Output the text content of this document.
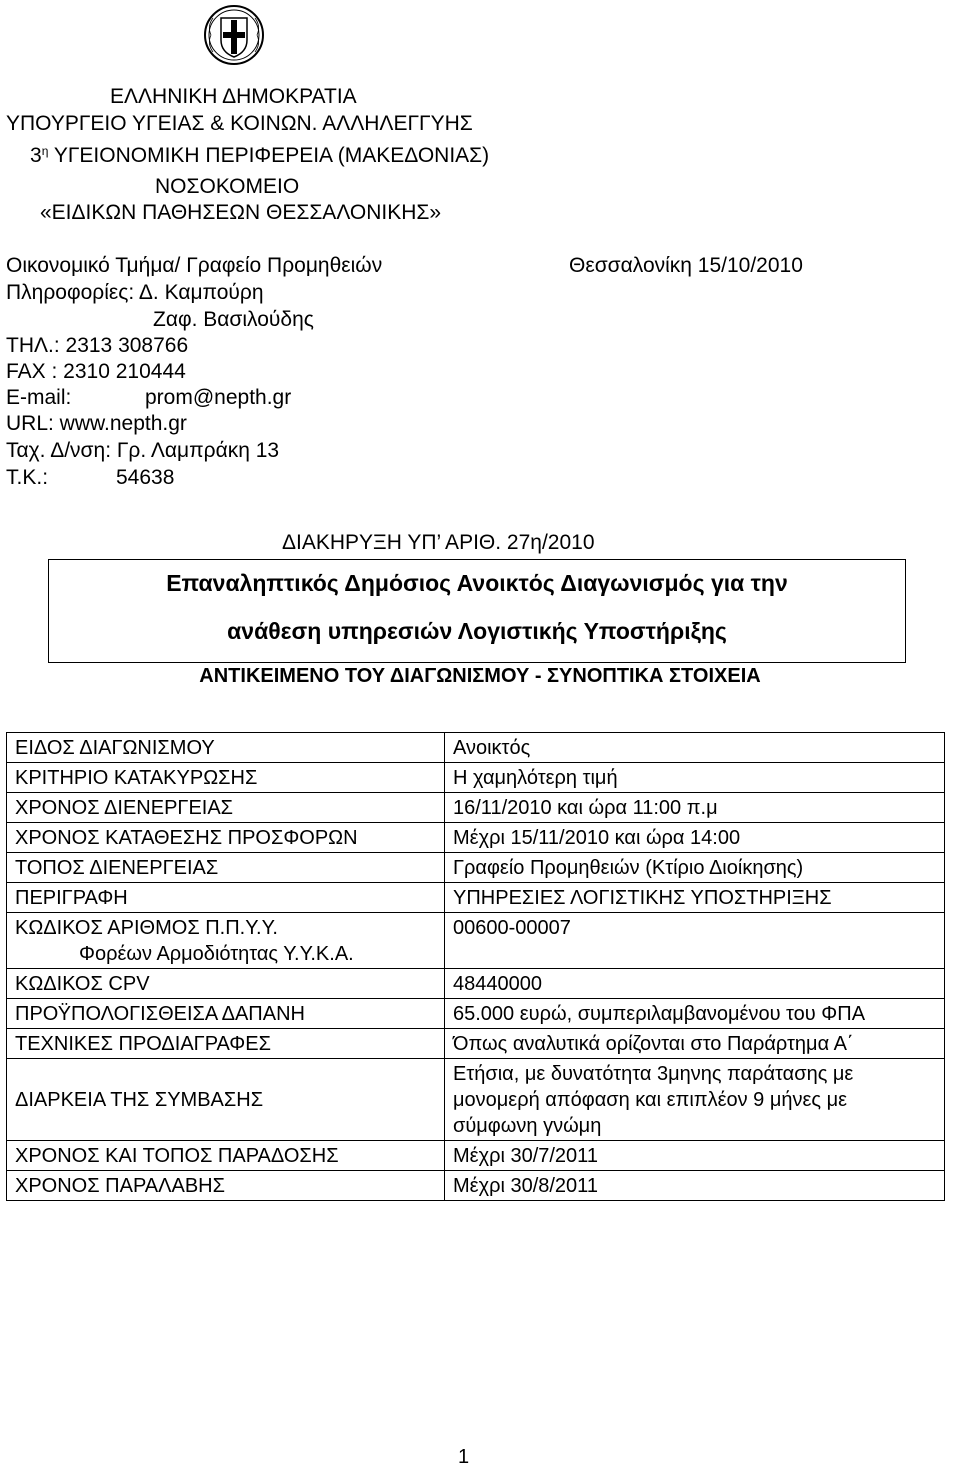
ΕΛΛΗΝΙΚΗ ΔΗΜΟΚΡΑΤΙΑ
ΥΠΟΥΡΓΕΙΟ ΥΓΕΙΑΣ & ΚΟΙΝΩΝ. ΑΛΛΗΛΕΓΓΥΗΣ
$3^\eta$ ΥΓΕΙΟΝΟΜΙΚΗ ΠΕΡΙΦΕΡΕΙΑ (ΜΑΚΕΔΟΝΙΑΣ)
ΝΟΣΟΚΟΜΕΙΟ
«ΕΙΔΙΚΩΝ ΠΑΘΗΣΕΩΝ ΘΕΣΣΑΛΟΝΙΚΗΣ»
Οικονομικό Τμήμα/ Γραφείο Προμηθειών	Θεσσαλονίκη 15/10/2010
Πληροφορίες: Δ. Καμπούρη
Ζαφ. Βασιλούδης
ΤΗΛ.: 2313 308766
FAX : 2310 210444
E-mail:	prom@nepth.gr
URL: www.nepth.gr
Ταχ. Δ/νση: Γρ. Λαμπράκη 13
Τ.Κ.:	54638
ΔΙΑΚΗΡΥΞΗ ΥΠ’ ΑΡΙΘ. 27η/2010
Επαναληπτικός Δημόσιος Ανοικτός Διαγωνισμός για την
ανάθεση υπηρεσιών Λογιστικής Υποστήριξης
ΑΝΤΙΚΕΙΜΕΝΟ ΤΟΥ ΔΙΑΓΩΝΙΣΜΟΥ - ΣΥΝΟΠΤΙΚΑ ΣΤΟΙΧΕΙΑ
ΕΙΔΟΣ ΔΙΑΓΩΝΙΣΜΟΥ	Ανοικτός

ΚΡΙΤΗΡΙΟ ΚΑΤΑΚΥΡΩΣΗΣ	Η χαμηλότερη τιμή

ΧΡΟΝΟΣ ΔΙΕΝΕΡΓΕΙΑΣ	16/11/2010 και ώρα 11:00 π.μ

ΧΡΟΝΟΣ ΚΑΤΑΘΕΣΗΣ ΠΡΟΣΦΟΡΩΝ	Μέχρι 15/11/2010 και ώρα 14:00

ΤΟΠΟΣ ΔΙΕΝΕΡΓΕΙΑΣ	Γραφείο Προμηθειών (Κτίριο Διοίκησης)

ΠΕΡΙΓΡΑΦΗ	ΥΠΗΡΕΣΙΕΣ ΛΟΓΙΣΤΙΚΗΣ ΥΠΟΣΤΗΡΙΞΗΣ

ΚΩΔΙΚΟΣ ΑΡΙΘΜΟΣ Π.Π.Υ.Υ.
Φορέων Αρμοδιότητας Υ.Υ.Κ.Α.	00600-00007

ΚΩΔΙΚΟΣ CPV	48440000

ΠΡΟΫΠΟΛΟΓΙΣΘΕΙΣΑ ΔΑΠΑΝΗ	65.000 ευρώ, συμπεριλαμβανομένου του ΦΠΑ

ΤΕΧΝΙΚΕΣ ΠΡΟΔΙΑΓΡΑΦΕΣ	Όπως αναλυτικά ορίζονται στο Παράρτημα Α΄

ΔΙΑΡΚΕΙΑ ΤΗΣ ΣΥΜΒΑΣΗΣ	Ετήσια, με δυνατότητα 3μηνης παράτασης με
μονομερή απόφαση και επιπλέον 9 μήνες με
σύμφωνη γνώμη

ΧΡΟΝΟΣ ΚΑΙ ΤΟΠΟΣ ΠΑΡΑΔΟΣΗΣ	Μέχρι 30/7/2011

ΧΡΟΝΟΣ ΠΑΡΑΛΑΒΗΣ	Μέχρι 30/8/2011
1
